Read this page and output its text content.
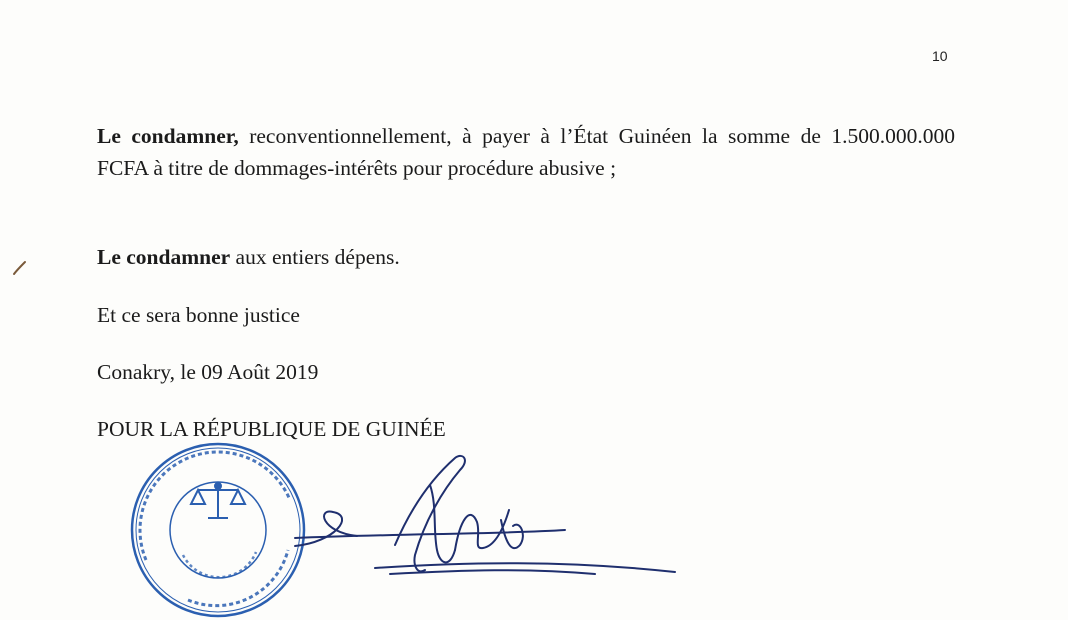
10
Le condamner, reconventionnellement, à payer à l’État Guinéen la somme de 1.500.000.000 FCFA à titre de dommages-intérêts pour procédure abusive ;
Le condamner aux entiers dépens.
Et ce sera bonne justice
Conakry, le 09 Août 2019
POUR LA RÉPUBLIQUE DE GUINÉE
